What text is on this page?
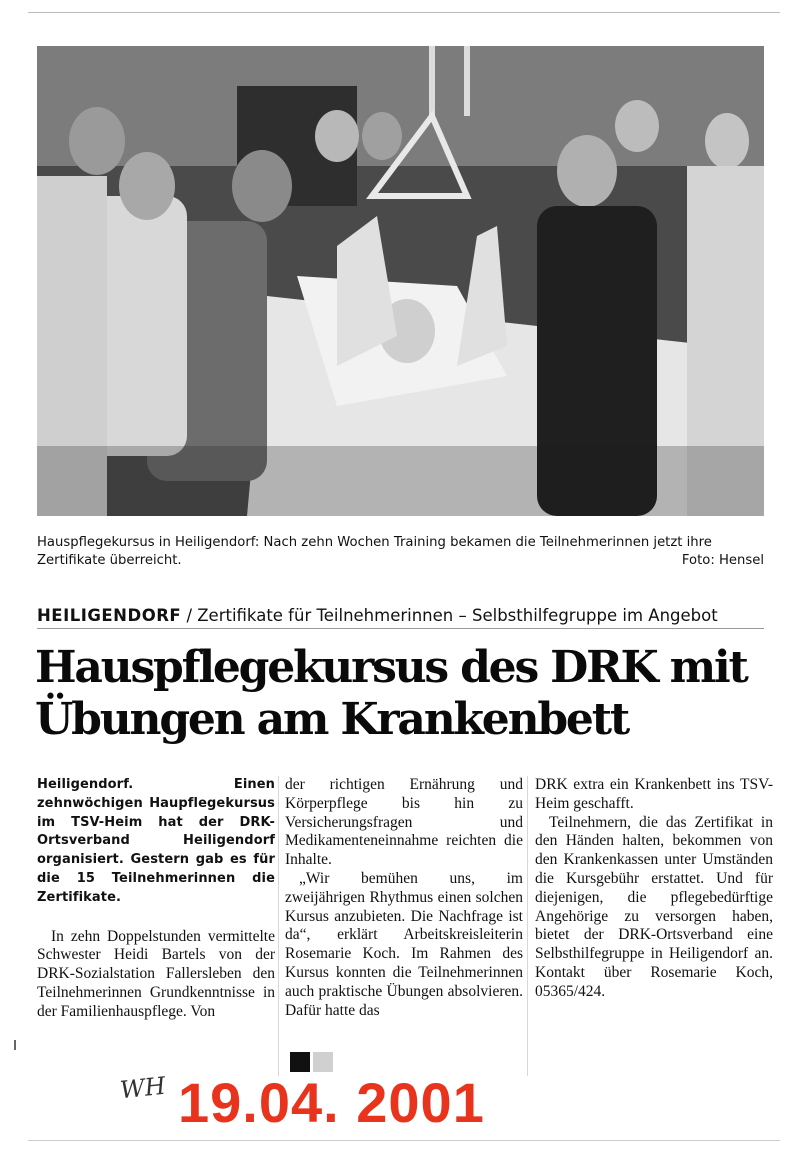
Hauspflegekursus in Heiligendorf: Nach zehn Wochen Training bekamen die Teilnehmerinnen jetzt ihre Zertifikate überreicht.	Foto: Hensel
HEILIGENDORF / Zertifikate für Teilnehmerinnen – Selbsthilfegruppe im Angebot
Hauspflegekursus des DRK mit
Übungen am Krankenbett

Heiligendorf. Einen zehnwöchigen Haupflegekursus im TSV-Heim hat der DRK-Ortsverband Heiligendorf organisiert. Gestern gab es für die 15 Teilnehmerinnen die Zertifikate.

In zehn Doppelstunden vermittelte Schwester Heidi Bartels von der DRK-Sozialstation Fallersleben den Teilnehmerinnen Grundkenntnisse in der Familienhauspflege. Von

der richtigen Ernährung und Körperpflege bis hin zu Versicherungsfragen und Medikamenteneinnahme reichten die Inhalte.

„Wir bemühen uns, im zweijährigen Rhythmus einen solchen Kursus anzubieten. Die Nachfrage ist da“, erklärt Arbeitskreisleiterin Rosemarie Koch. Im Rahmen des Kursus konnten die Teilnehmerinnen auch praktische Übungen absolvieren. Dafür hatte das

DRK extra ein Krankenbett ins TSV-Heim geschafft.

Teilnehmern, die das Zertifikat in den Händen halten, bekommen von den Krankenkassen unter Umständen die Kursgebühr erstattet. Und für diejenigen, die pflegebedürftige Angehörige zu versorgen haben, bietet der DRK-Ortsverband eine Selbsthilfegruppe in Heiligendorf an. Kontakt über Rosemarie Koch, 05365/424.

WH 19.04. 2001
